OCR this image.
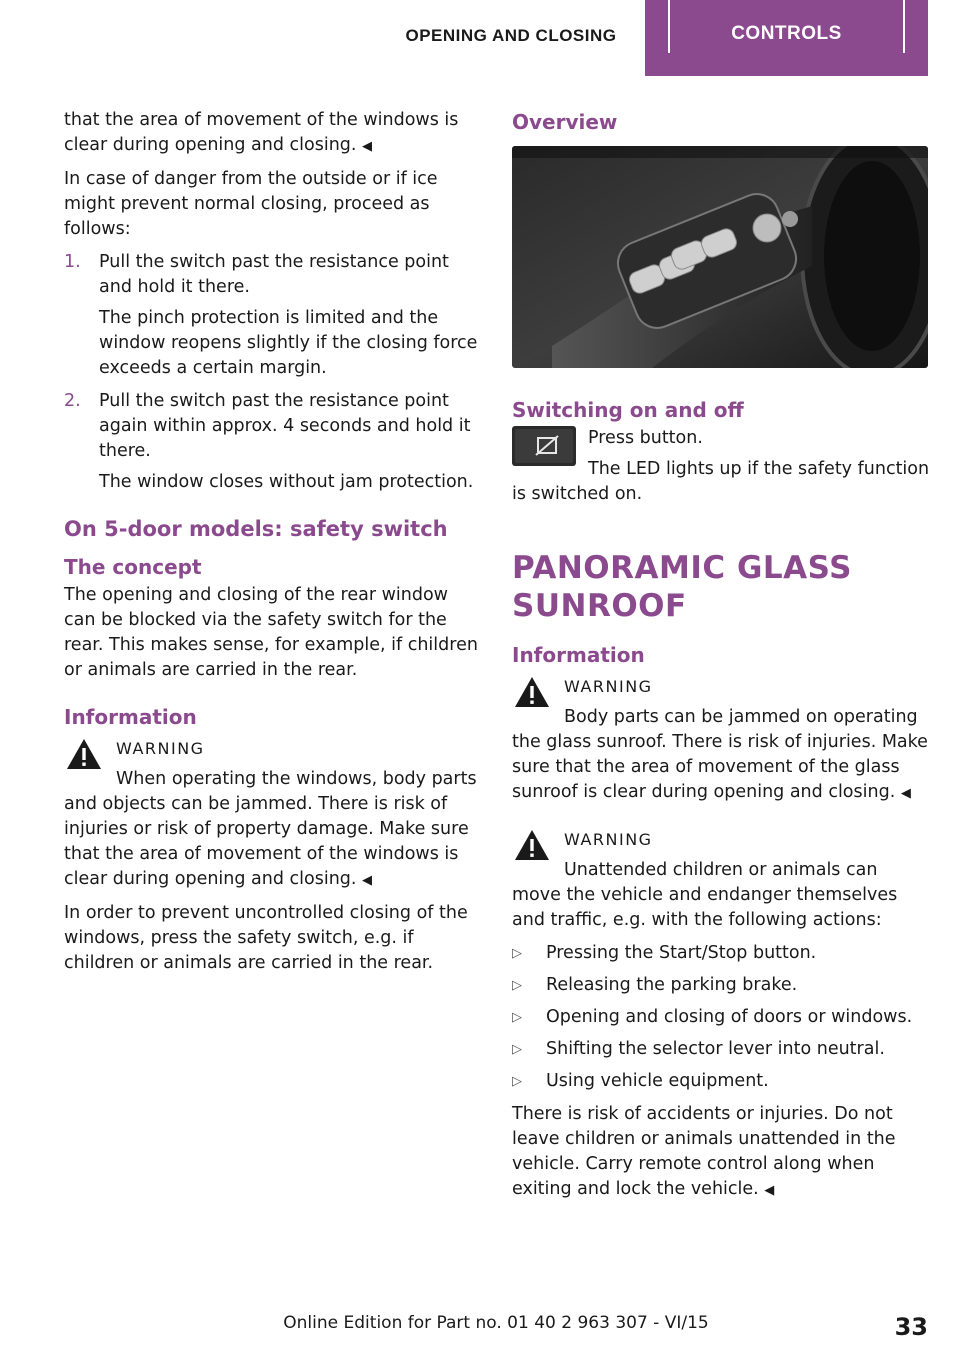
OPENING AND CLOSING	CONTROLS

that the area of movement of the windows is clear during opening and closing. ◀

In case of danger from the outside or if ice might prevent normal closing, proceed as follows:

1. Pull the switch past the resistance point and hold it there.

The pinch protection is limited and the window reopens slightly if the closing force exceeds a certain margin.

2. Pull the switch past the resistance point again within approx. 4 seconds and hold it there.

The window closes without jam protection.

On 5-door models: safety switch
The concept

The opening and closing of the rear window can be blocked via the safety switch for the rear. This makes sense, for example, if children or animals are carried in the rear.

Information
WARNING

When operating the windows, body parts and objects can be jammed. There is risk of injuries or risk of property damage. Make sure that the area of movement of the windows is clear during opening and closing. ◀

In order to prevent uncontrolled closing of the windows, press the safety switch, e.g. if children or animals are carried in the rear.

Overview
Switching on and off

Press button.

The LED lights up if the safety function is switched on.

PANORAMIC GLASS SUNROOF
Information
WARNING

Body parts can be jammed on operating the glass sunroof. There is risk of injuries. Make sure that the area of movement of the glass sunroof is clear during opening and closing. ◀

WARNING

Unattended children or animals can move the vehicle and endanger themselves and traffic, e.g. with the following actions:

▷ Pressing the Start/Stop button.
▷ Releasing the parking brake.
▷ Opening and closing of doors or windows.
▷ Shifting the selector lever into neutral.
▷ Using vehicle equipment.

There is risk of accidents or injuries. Do not leave children or animals unattended in the vehicle. Carry remote control along when exiting and lock the vehicle. ◀

Online Edition for Part no. 01 40 2 963 307 - VI/15	33
